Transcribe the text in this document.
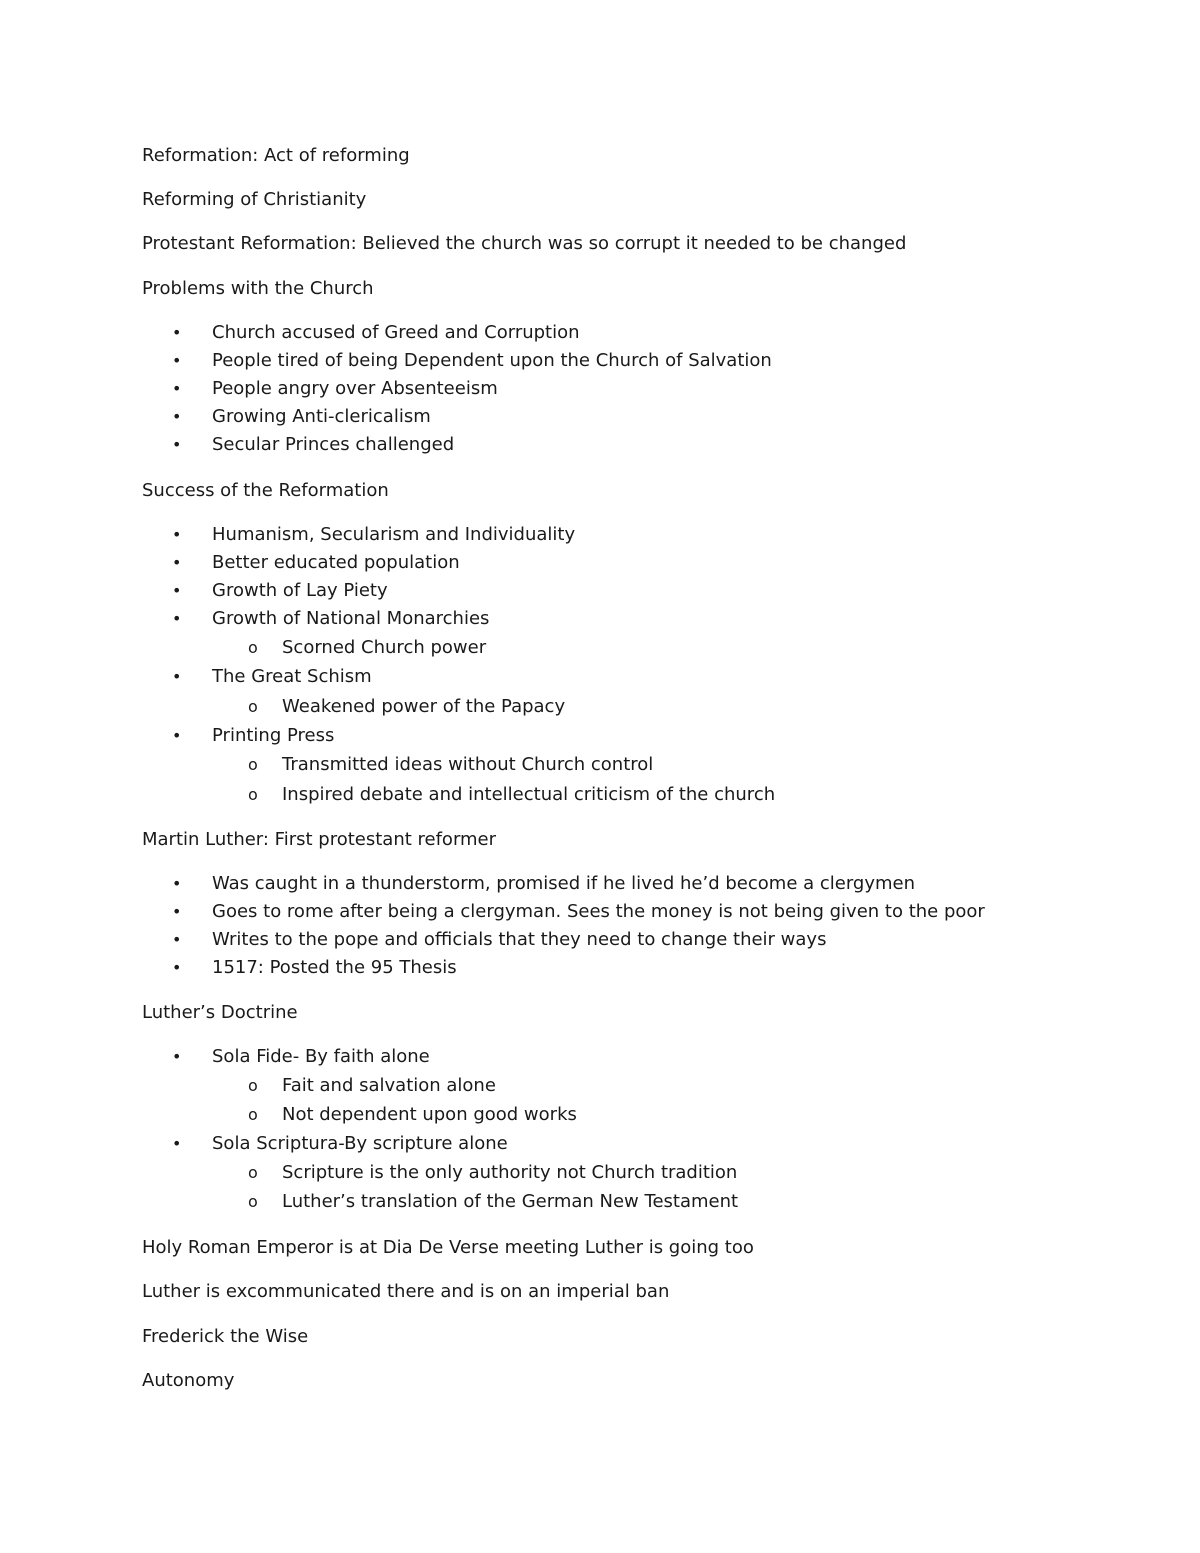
Reformation: Act of reforming
Reforming of Christianity
Protestant Reformation: Believed the church was so corrupt it needed to be changed
Problems with the Church
• Church accused of Greed and Corruption
• People tired of being Dependent upon the Church of Salvation
• People angry over Absenteeism
• Growing Anti-clericalism
• Secular Princes challenged
Success of the Reformation
• Humanism, Secularism and Individuality
• Better educated population
• Growth of Lay Piety
• Growth of National Monarchies
o Scorned Church power
• The Great Schism
o Weakened power of the Papacy
• Printing Press
o Transmitted ideas without Church control
o Inspired debate and intellectual criticism of the church
Martin Luther: First protestant reformer
• Was caught in a thunderstorm, promised if he lived he’d become a clergymen
• Goes to rome after being a clergyman. Sees the money is not being given to the poor
• Writes to the pope and officials that they need to change their ways
• 1517: Posted the 95 Thesis
Luther’s Doctrine
• Sola Fide- By faith alone
o Fait and salvation alone
o Not dependent upon good works
• Sola Scriptura-By scripture alone
o Scripture is the only authority not Church tradition
o Luther’s translation of the German New Testament
Holy Roman Emperor is at Dia De Verse meeting Luther is going too
Luther is excommunicated there and is on an imperial ban
Frederick the Wise
Autonomy
